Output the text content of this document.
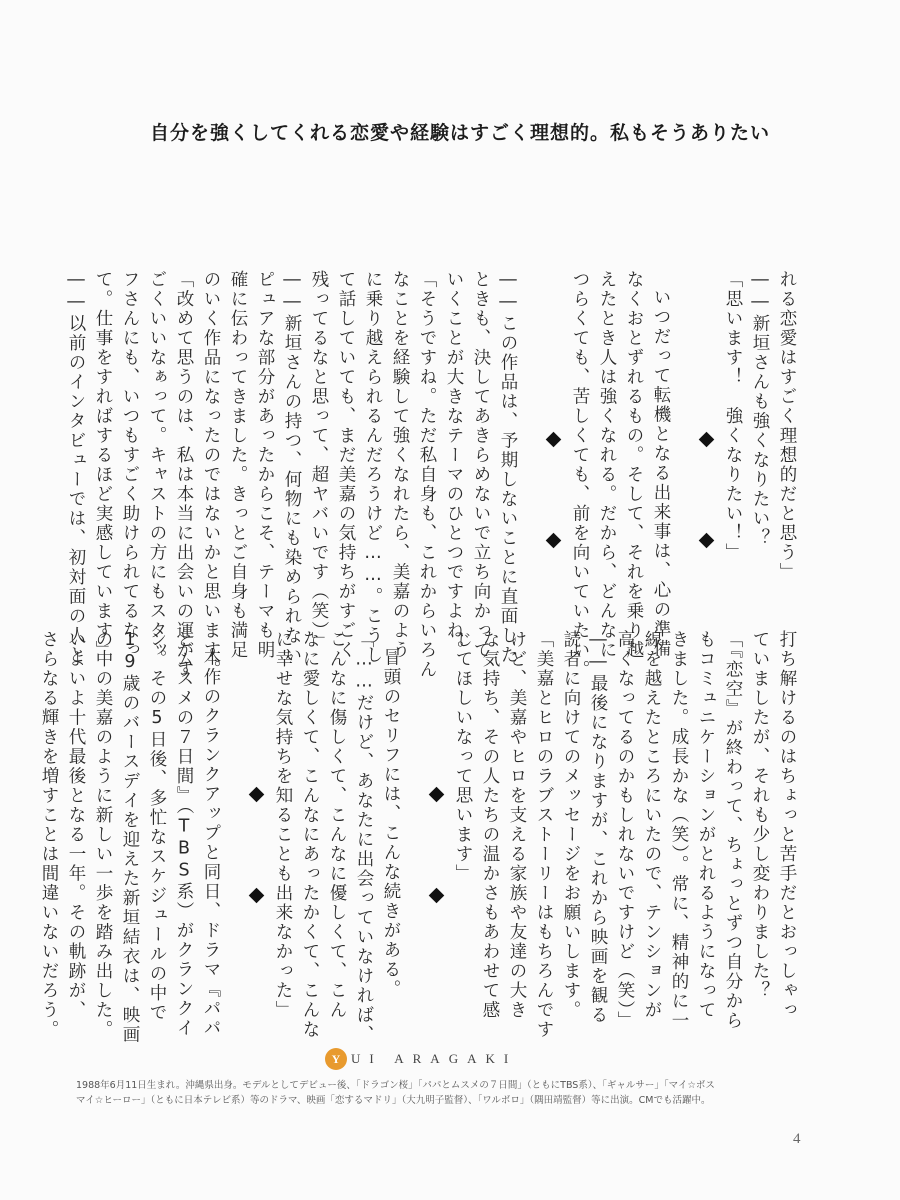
自分を強くしてくれる恋愛や経験はすごく理想的。私もそうありたい
れる恋愛はすごく理想的だと思う」
――新垣さんも強くなりたい？
「思います！　強くなりたい！」
いつだって転機となる出来事は、心の準備
なくおとずれるもの。そして、それを乗り越
えたとき人は強くなれる。だから、どんなに
つらくても、苦しくても、前を向いていたい。
――この作品は、予期しないことに直面した
ときも、決してあきらめないで立ち向かって
いくことが大きなテーマのひとつですよね。
「そうですね。ただ私自身も、これからいろん
なことを経験して強くなれたら、美嘉のよう
に乗り越えられるんだろうけど……。こうし
て話していても、まだ美嘉の気持ちがすごく
残ってるなと思って、超ヤバいです（笑）」
――新垣さんの持つ、何物にも染められない
ピュアな部分があったからこそ、テーマも明
確に伝わってきました。きっとご自身も満足
のいく作品になったのではないかと思います。
「改めて思うのは、私は本当に出会いの運がす
ごくいいなぁって。キャストの方にもスタッ
フさんにも、いつもすごく助けられてるなっ
て。仕事をすればするほど実感しています」
――以前のインタビューでは、初対面の人と
打ち解けるのはちょっと苦手だとおっしゃっ
ていましたが、それも少し変わりました？
「『恋空』が終わって、ちょっとずつ自分から
もコミュニケーションがとれるようになって
きました。成長かな（笑）。常に、精神的に一
線を越えたところにいたので、テンションが
高くなってるのかもしれないですけど（笑）」
――最後になりますが、これから映画を観る
読者に向けてのメッセージをお願いします。
「美嘉とヒロのラブストーリーはもちろんです
けど、美嘉やヒロを支える家族や友達の大き
な気持ち、その人たちの温かさもあわせて感
じてほしいなって思います」
冒頭のセリフには、こんな続きがある。
「……だけど、あなたに出会っていなければ、
こんなに傷しくて、こんなに優しくて、こん
なに愛しくて、こんなにあったかくて、こんな
に幸せな気持ちを知ることも出来なかった」
本作のクランクアップと同日、ドラマ『パパ
とムスメの７日間』（TBS系）がクランクイ
ン。その5日後、多忙なスケジュールの中で
19歳のバースデイを迎えた新垣結衣は、映画
の中の美嘉のように新しい一歩を踏み出した。
いよいよ十代最後となる一年。その軌跡が、
さらなる輝きを増すことは間違いないだろう。
Y UI ARAGAKI
1988年6月11日生まれ。沖縄県出身。モデルとしてデビュー後、「ドラゴン桜」「パパとムスメの７日間」（ともにTBS系）、「ギャルサー」「マイ☆ボス
マイ☆ヒーロー」（ともに日本テレビ系）等のドラマ、映画「恋するマドリ」（大九明子監督）、「ワルボロ」（隅田靖監督）等に出演。CMでも活躍中。
4
